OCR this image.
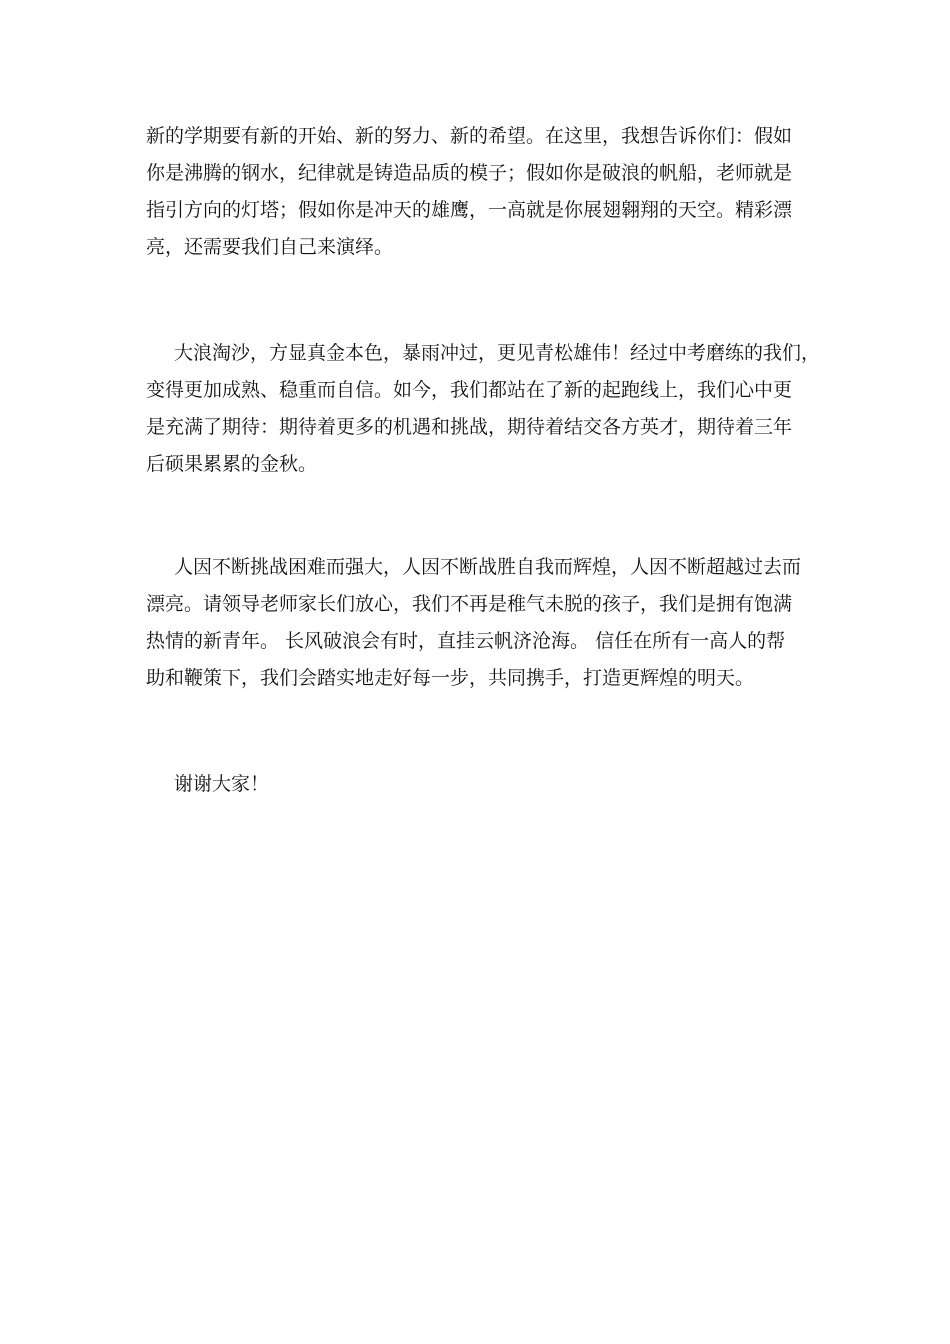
新的学期要有新的开始、新的努力、新的希望。在这里，我想告诉你们：假如
你是沸腾的钢水，纪律就是铸造品质的模子；假如你是破浪的帆船，老师就是
指引方向的灯塔；假如你是冲天的雄鹰，一高就是你展翅翱翔的天空。精彩漂
亮，还需要我们自己来演绎。
大浪淘沙，方显真金本色，暴雨冲过，更见青松雄伟！经过中考磨练的我们，
变得更加成熟、稳重而自信。如今，我们都站在了新的起跑线上，我们心中更
是充满了期待：期待着更多的机遇和挑战，期待着结交各方英才，期待着三年
后硕果累累的金秋。
人因不断挑战困难而强大，人因不断战胜自我而辉煌，人因不断超越过去而
漂亮。请领导老师家长们放心，我们不再是稚气未脱的孩子，我们是拥有饱满
热情的新青年。 长风破浪会有时，直挂云帆济沧海。 信任在所有一高人的帮
助和鞭策下，我们会踏实地走好每一步，共同携手，打造更辉煌的明天。
谢谢大家！
